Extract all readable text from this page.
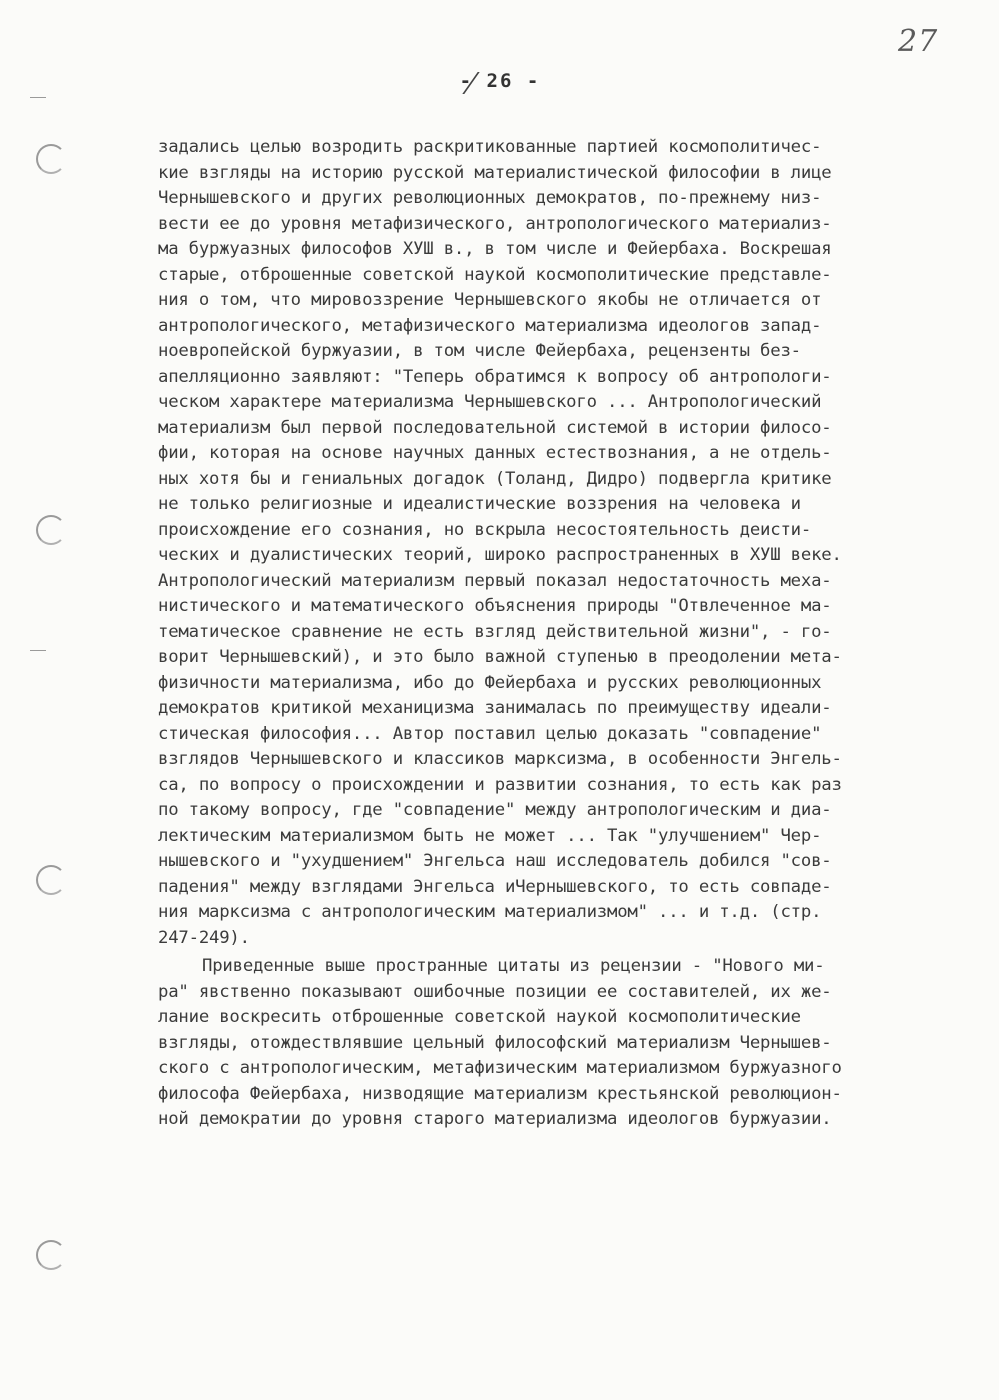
27
- 26 -
задались целью возродить раскритикованные партией космополитичес-
кие взгляды на историю русской материалистической философии в лице
Чернышевского и других революционных демократов, по-прежнему низ-
вести ее до уровня метафизического, антропологического материализ-
ма буржуазных философов ХУШ в., в том числе и Фейербаха. Воскрешая
старые, отброшенные советской наукой космополитические представле-
ния о том, что мировоззрение Чернышевского якобы не отличается от
антропологического, метафизического материализма идеологов запад-
ноевропейской буржуазии, в том числе Фейербаха, рецензенты без-
апелляционно заявляют: "Теперь обратимся к вопросу об антропологи-
ческом характере материализма Чернышевского ... Антропологический
материализм был первой последовательной системой в истории филосо-
фии, которая на основе научных данных естествознания, а не отдель-
ных хотя бы и гениальных догадок (Толанд, Дидро) подвергла критике
не только религиозные и идеалистические воззрения на человека и
происхождение его сознания, но вскрыла несостоятельность деисти-
ческих и дуалистических теорий, широко распространенных в ХУШ веке.
Антропологический материализм первый показал недостаточность меха-
нистического и математического объяснения природы "Отвлеченное ма-
тематическое сравнение не есть взгляд действительной жизни", - го-
ворит Чернышевский), и это было важной ступенью в преодолении мета-
физичности материализма, ибо до Фейербаха и русских революционных
демократов критикой механицизма занималась по преимуществу идеали-
стическая философия... Автор поставил целью доказать "совпадение"
взглядов Чернышевского и классиков марксизма, в особенности Энгель-
са, по вопросу о происхождении и развитии сознания, то есть как раз
по такому вопросу, где "совпадение" между антропологическим и диа-
лектическим материализмом быть не может ... Так "улучшением" Чер-
нышевского и "ухудшением" Энгельса наш исследователь добился "сов-
падения" между взглядами Энгельса иЧернышевского, то есть совпаде-
ния марксизма с антропологическим материализмом" ... и т.д. (стр.
247-249).
Приведенные выше пространные цитаты из рецензии - "Нового ми-
ра" явственно показывают ошибочные позиции ее составителей, их же-
лание воскресить отброшенные советской наукой космополитические
взгляды, отождествлявшие цельный философский материализм Чернышев-
ского с антропологическим, метафизическим материализмом буржуазного
философа Фейербаха, низводящие материализм крестьянской революцион-
ной демократии до уровня старого материализма идеологов буржуазии.
